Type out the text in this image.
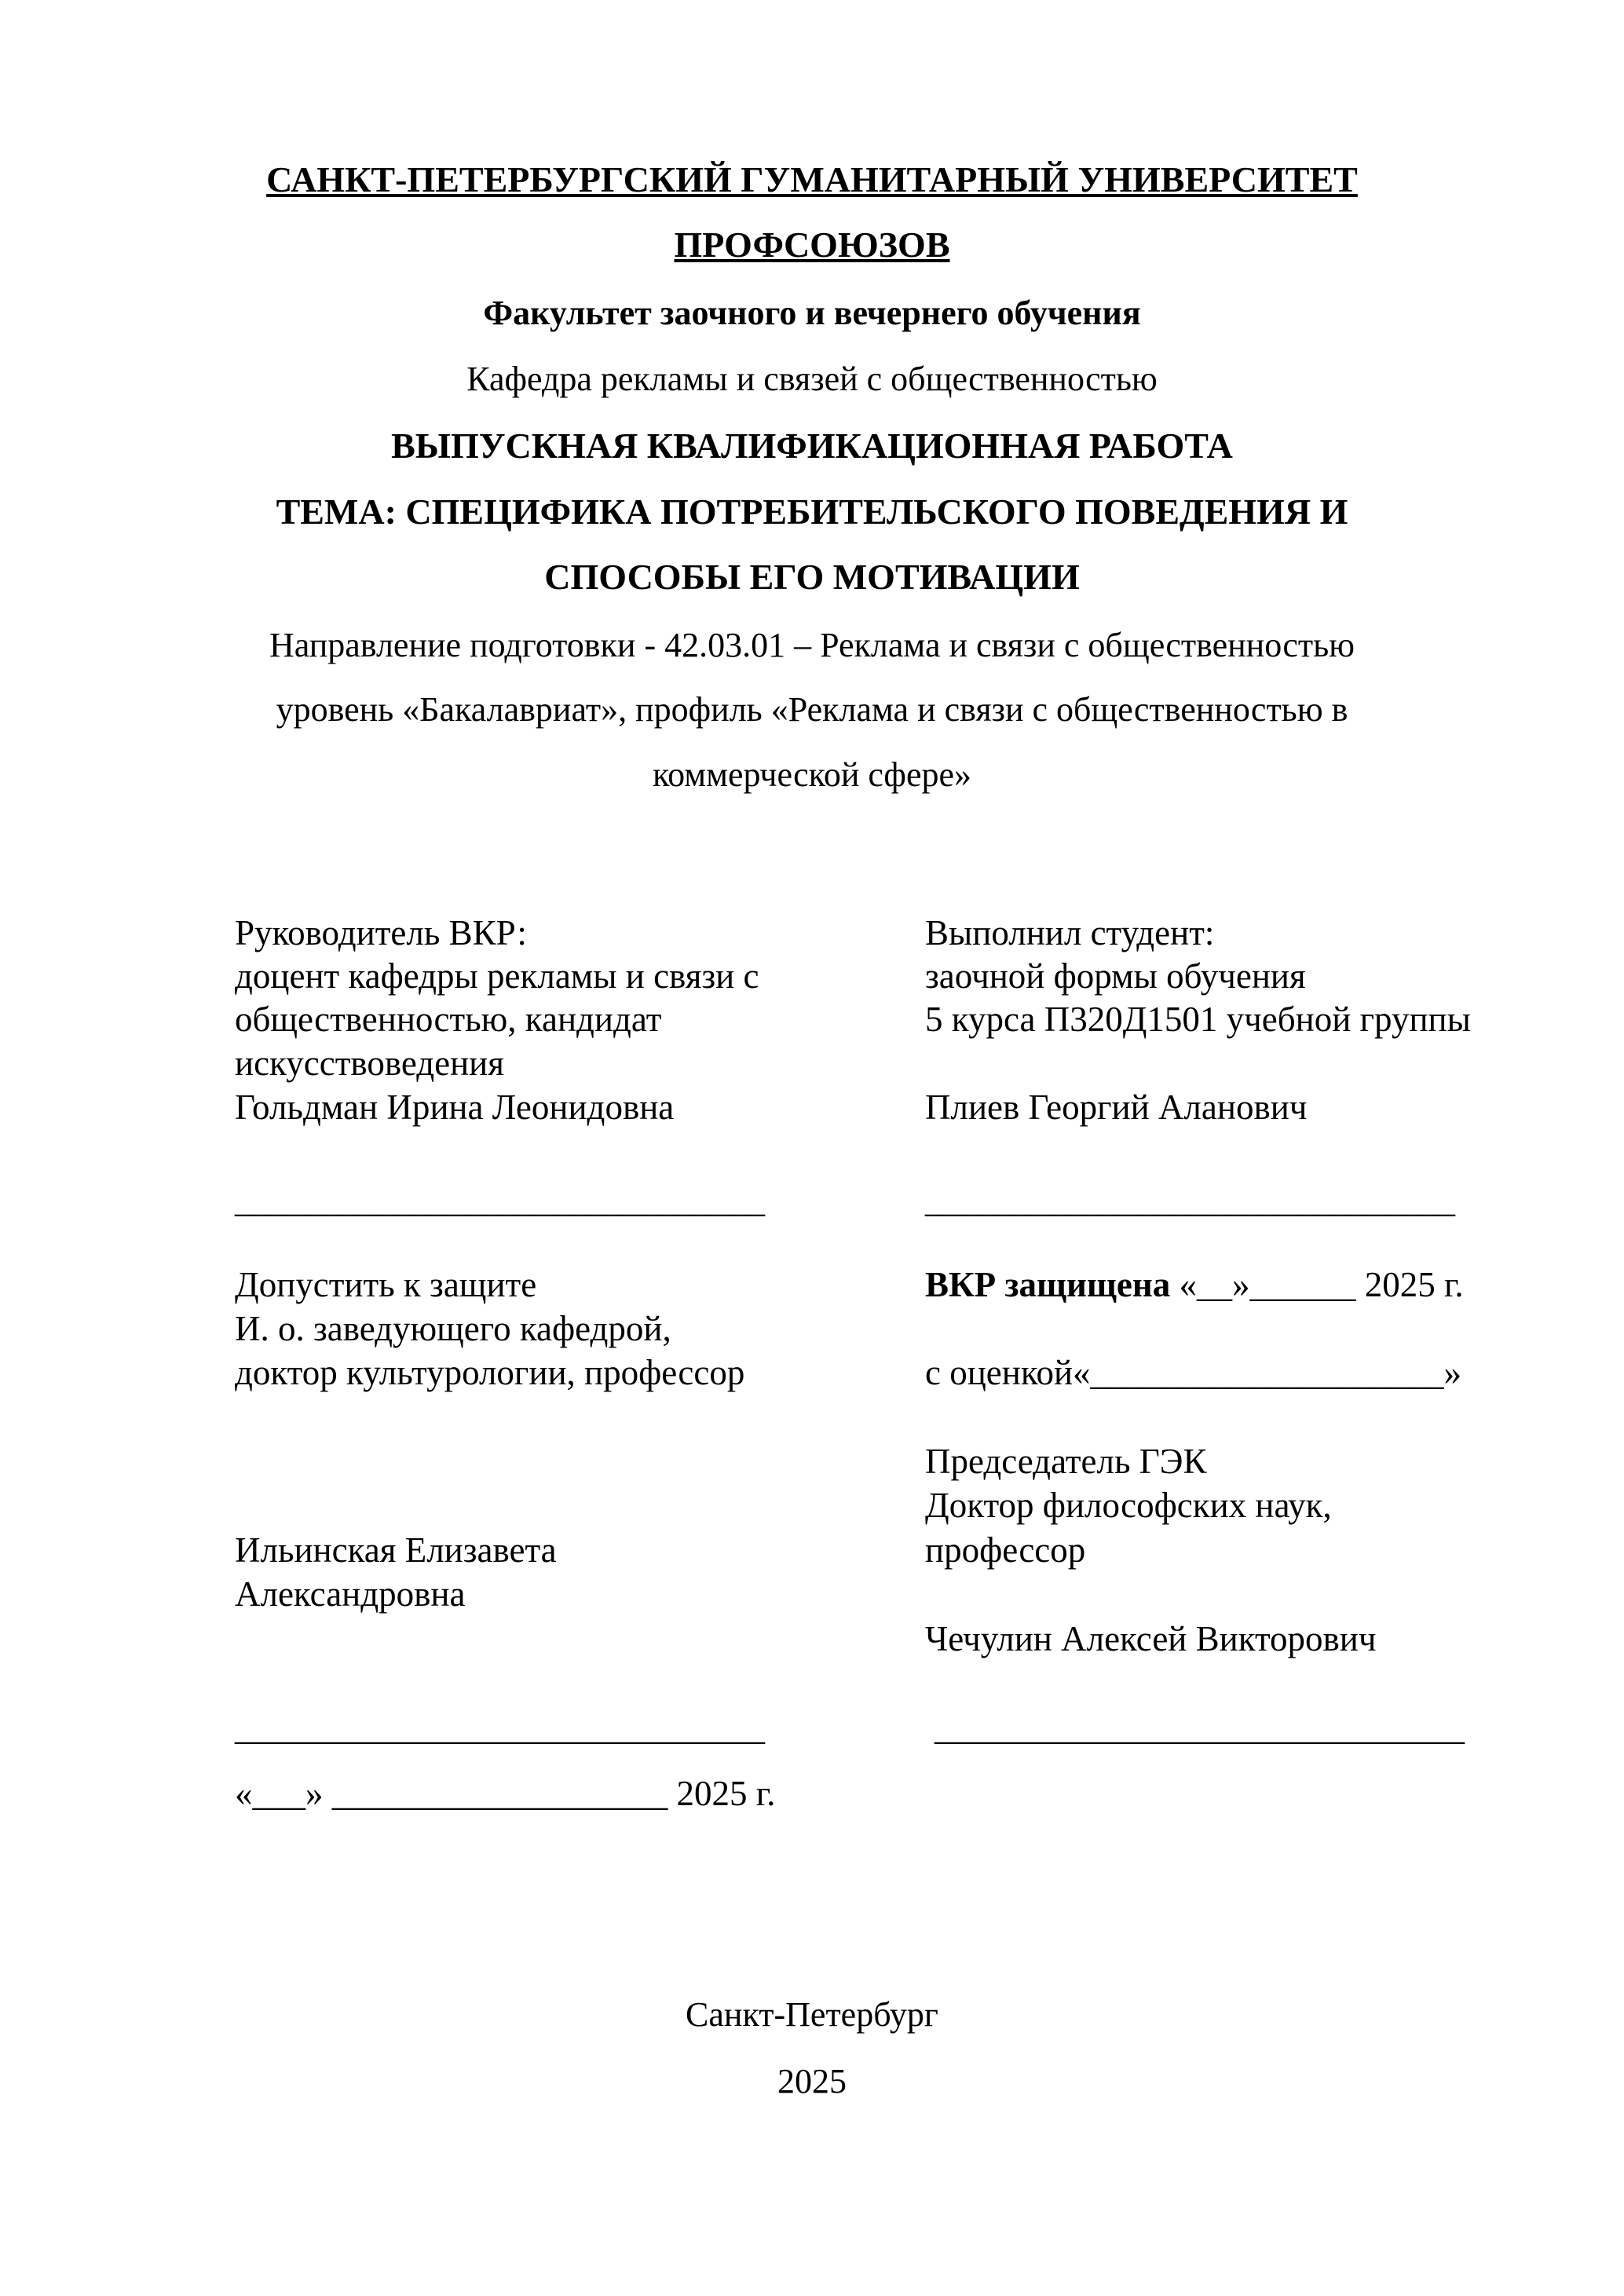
САНКТ-ПЕТЕРБУРГСКИЙ ГУМАНИТАРНЫЙ УНИВЕРСИТЕТ
ПРОФСОЮЗОВ
Факультет заочного и вечернего обучения
Кафедра рекламы и связей с общественностью
ВЫПУСКНАЯ КВАЛИФИКАЦИОННАЯ РАБОТА
ТЕМА: СПЕЦИФИКА ПОТРЕБИТЕЛЬСКОГО ПОВЕДЕНИЯ И
СПОСОБЫ ЕГО МОТИВАЦИИ
Направление подготовки - 42.03.01 – Реклама и связи с общественностью
уровень «Бакалавриат», профиль «Реклама и связи с общественностью в
коммерческой сфере»
Руководитель ВКР:
доцент кафедры рекламы и связи с
общественностью, кандидат
искусствоведения
Гольдман Ирина Леонидовна
______________________________
Выполнил студент:
заочной формы обучения
5 курса П320Д1501 учебной группы
Плиев Георгий Аланович
______________________________
Допустить к защите
И. о. заведующего кафедрой,
доктор культурологии, профессор
Ильинская Елизавета
Александровна
______________________________
«___» ___________________ 2025 г.
ВКР защищена «__»______ 2025 г.
с оценкой«____________________»
Председатель ГЭК
Доктор философских наук,
профессор
Чечулин Алексей Викторович
______________________________
Санкт-Петербург
2025
